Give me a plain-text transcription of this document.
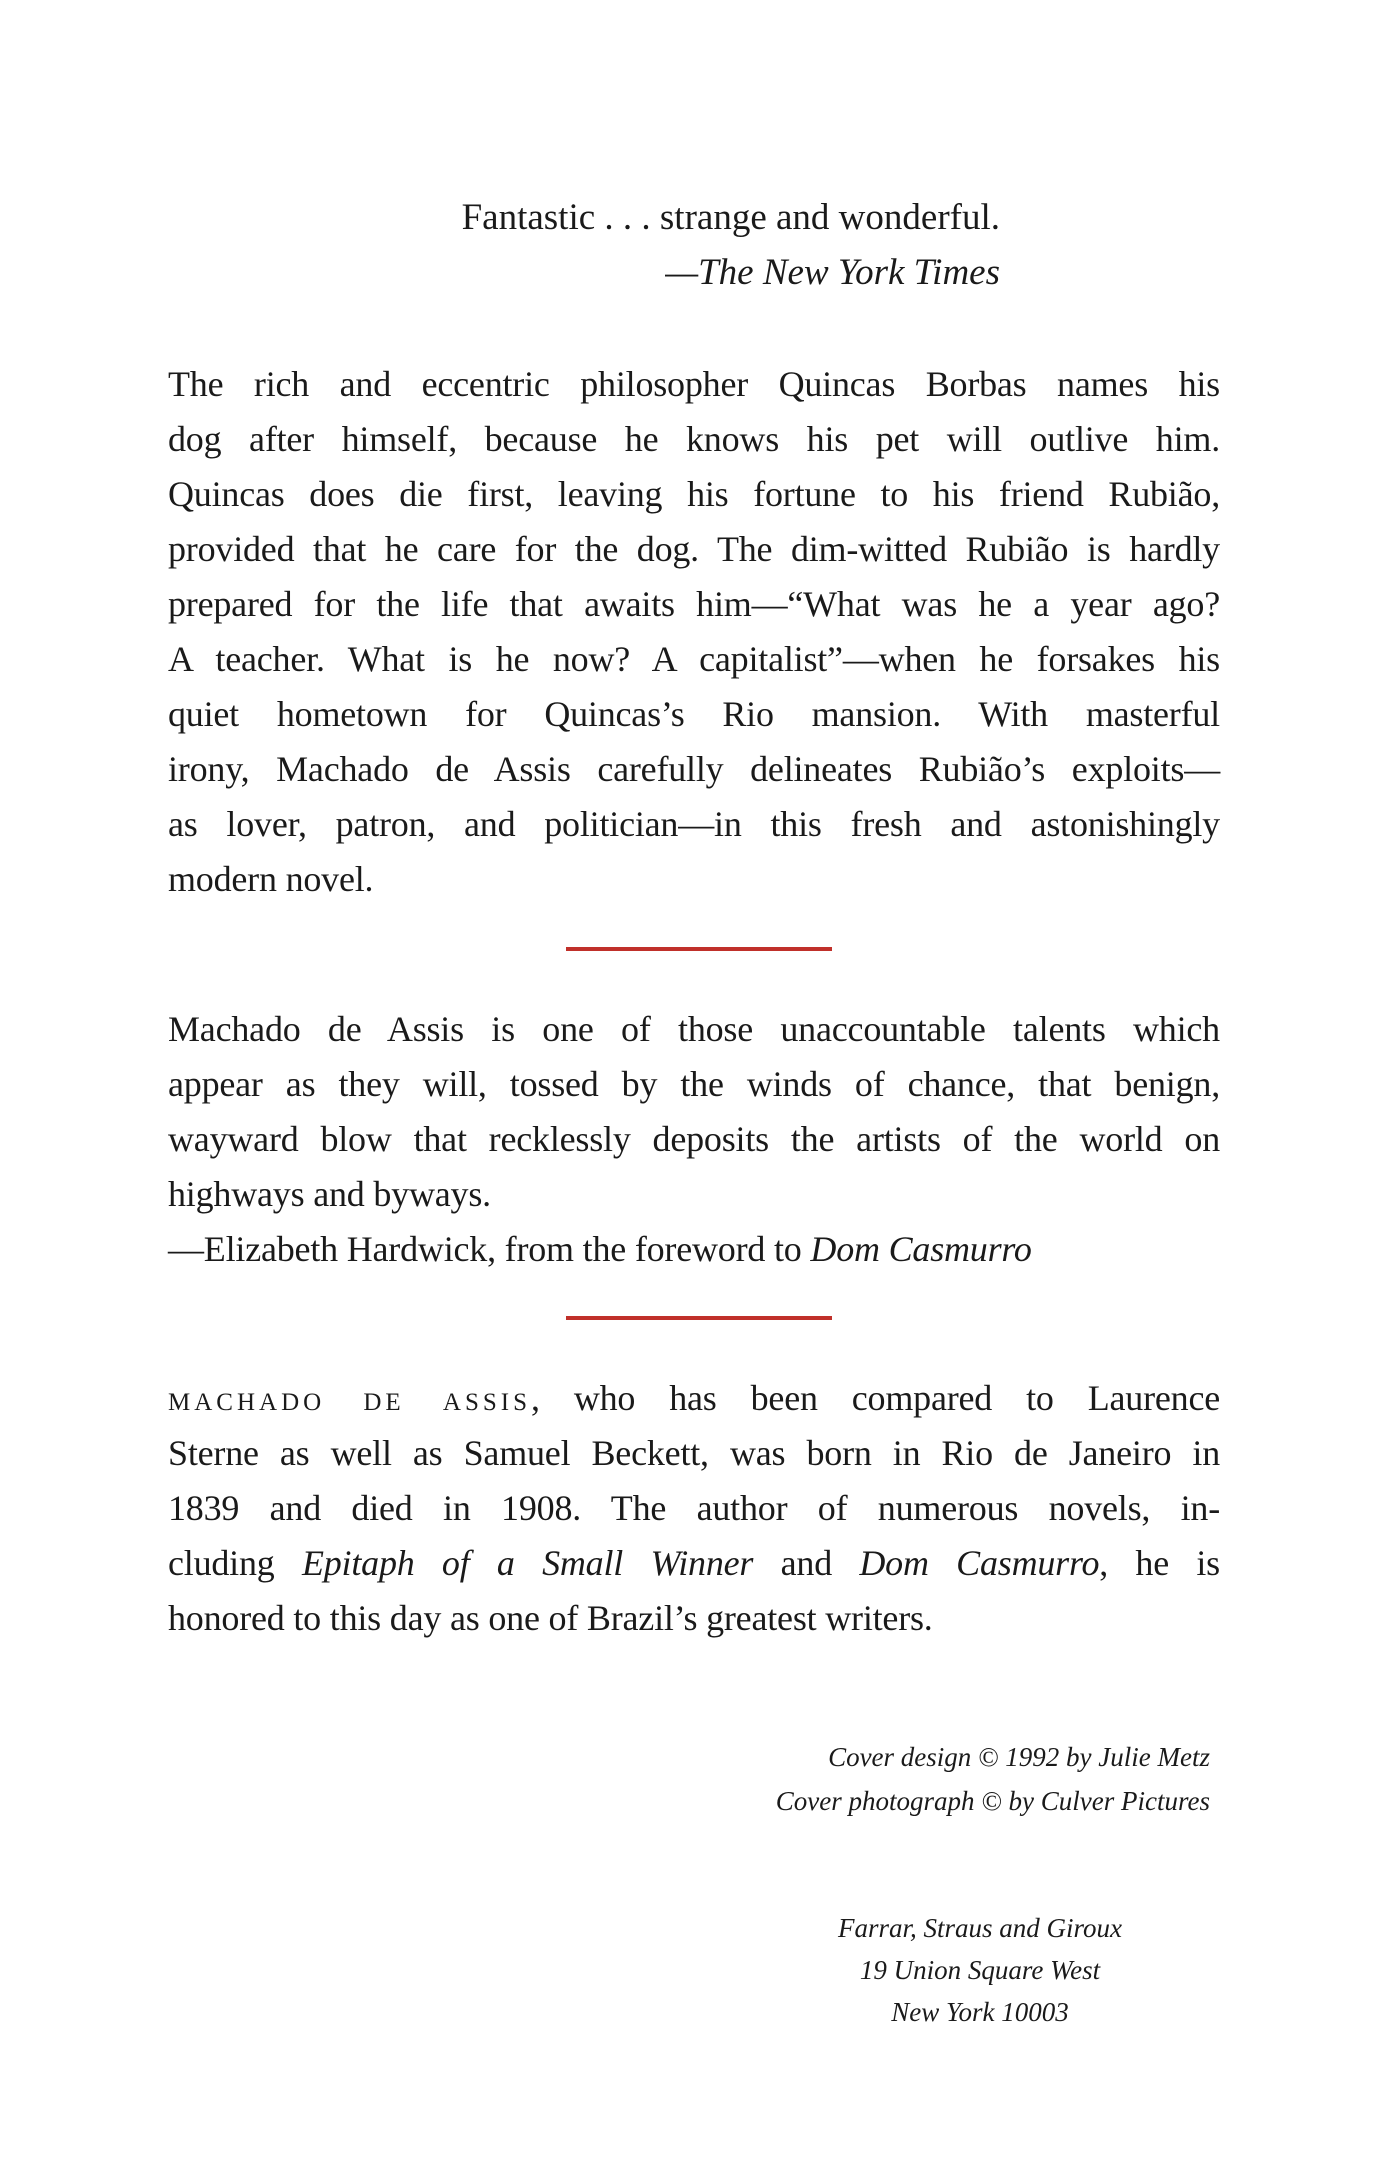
Fantastic . . . strange and wonderful.
—The New York Times
The rich and eccentric philosopher Quincas Borbas names his
dog after himself, because he knows his pet will outlive him.
Quincas does die first, leaving his fortune to his friend Rubião,
provided that he care for the dog. The dim-witted Rubião is hardly
prepared for the life that awaits him—“What was he a year ago?
A teacher. What is he now? A capitalist”—when he forsakes his
quiet hometown for Quincas’s Rio mansion. With masterful
irony, Machado de Assis carefully delineates Rubião’s exploits—
as lover, patron, and politician—in this fresh and astonishingly
modern novel.
Machado de Assis is one of those unaccountable talents which
appear as they will, tossed by the winds of chance, that benign,
wayward blow that recklessly deposits the artists of the world on
highways and byways.
—Elizabeth Hardwick, from the foreword to Dom Casmurro
machado de assis, who has been compared to Laurence
Sterne as well as Samuel Beckett, was born in Rio de Janeiro in
1839 and died in 1908. The author of numerous novels, in-
cluding Epitaph of a Small Winner and Dom Casmurro, he is
honored to this day as one of Brazil’s greatest writers.
Cover design © 1992 by Julie Metz
Cover photograph © by Culver Pictures
Farrar, Straus and Giroux
19 Union Square West
New York 10003
